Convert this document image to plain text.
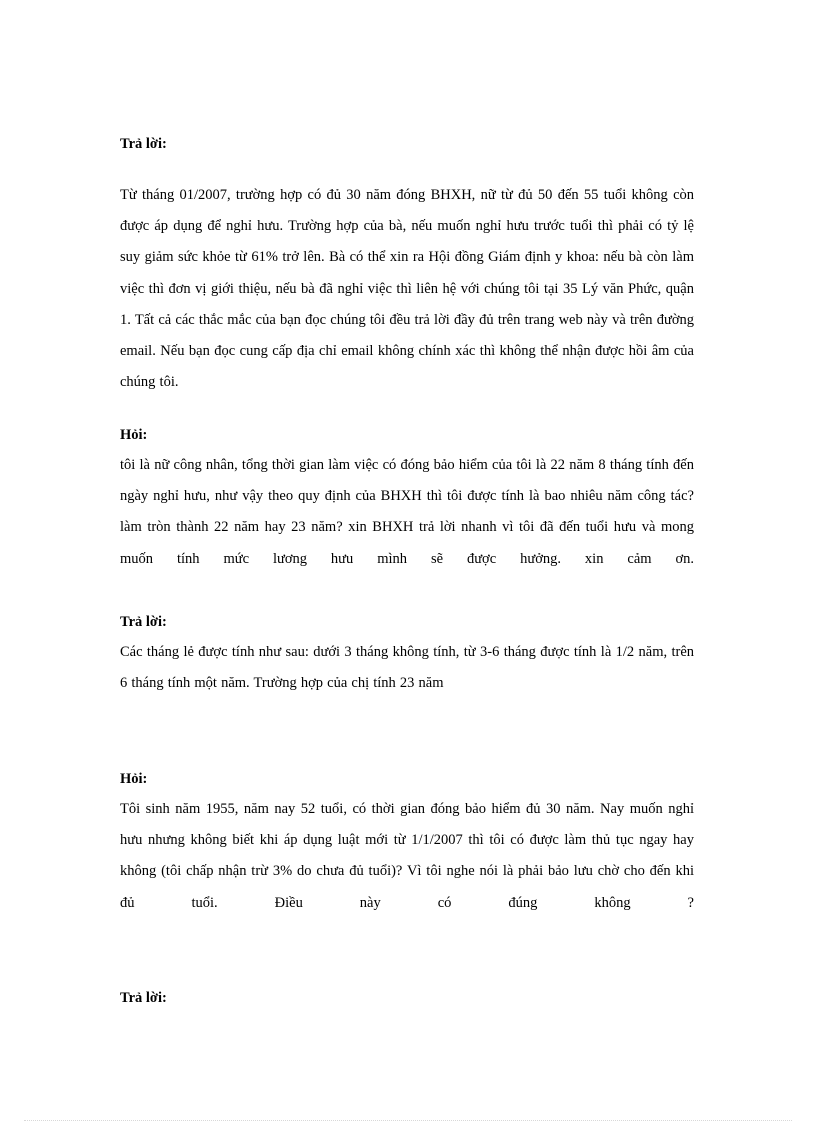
Trả lời:
Từ tháng 01/2007, trường hợp có đủ 30 năm đóng BHXH, nữ từ đủ 50 đến 55 tuổi không còn được áp dụng để nghỉ hưu. Trường hợp của bà, nếu muốn nghỉ hưu trước tuổi thì phải có tỷ lệ suy giảm sức khỏe từ 61% trở lên. Bà có thể xin ra Hội đồng Giám định y khoa: nếu bà còn làm việc thì đơn vị giới thiệu, nếu bà đã nghỉ việc thì liên hệ với chúng tôi tại 35 Lý văn Phức, quận 1. Tất cả các thắc mắc của bạn đọc chúng tôi đều trả lời đầy đủ trên trang web này và trên đường email. Nếu bạn đọc cung cấp địa chỉ email không chính xác thì không thể nhận được hồi âm của chúng tôi.
Hỏi:
tôi là nữ công nhân, tổng thời gian làm việc có đóng bảo hiểm của tôi là 22 năm 8 tháng tính đến ngày nghỉ hưu, như vậy theo quy định của BHXH thì tôi được tính là bao nhiêu năm công tác? làm tròn thành 22 năm hay 23 năm? xin BHXH trả lời nhanh vì tôi đã đến tuổi hưu và mong muốn tính mức lương hưu mình sẽ được hưởng. xin cảm ơn.
Trả lời:
Các tháng lẻ được tính như sau: dưới 3 tháng không tính, từ 3-6 tháng được tính là 1/2 năm, trên 6 tháng tính một năm. Trường hợp của chị tính 23 năm
Hỏi:
Tôi sinh năm 1955, năm nay 52 tuổi, có thời gian đóng bảo hiểm đủ 30 năm. Nay muốn nghỉ hưu nhưng không biết khi áp dụng luật mới từ 1/1/2007 thì tôi có được làm thủ tục ngay hay không (tôi chấp nhận trừ 3% do chưa đủ tuổi)? Vì tôi nghe nói là phải bảo lưu chờ cho đến khi đủ tuổi. Điều này có đúng không ?
Trả lời:
